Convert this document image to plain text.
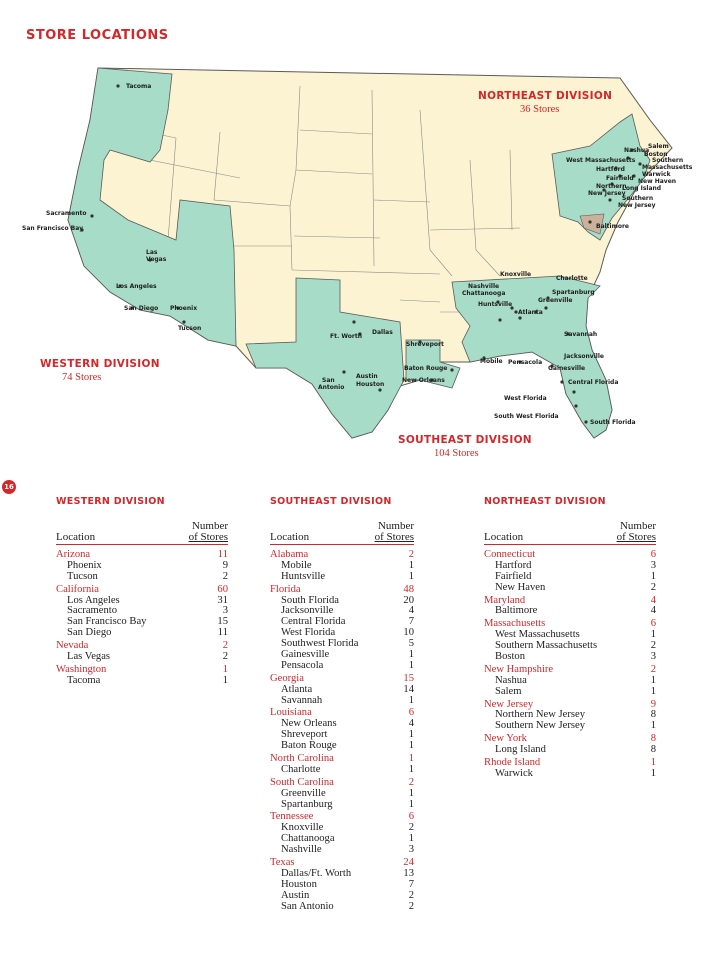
STORE LOCATIONS
Tacoma
Sacramento
San Francisco Bay
Las
Vegas
Los Angeles
San Diego Phoenix
Tucson
Ft. Worth
Dallas
Shreveport
Austin
Houston
San
Antonio
Baton Rouge
New Orleans
Mobile Pensacola
Gainesville
Jacksonville
Savannah
Central Florida
West Florida
South West Florida
South Florida
Knoxville
Nashville
Chattanooga
Huntsville
Atlanta
Charlotte
Spartanburg
Greenville
Baltimore
Salem
Nashua
Boston
West Massachusetts	Southern
Massachusetts
Hartford
Warwick
Fairfield New Haven
Northern
New Jersey
Long Island
Southern
New Jersey
NORTHEAST DIVISION
36 Stores
WESTERN DIVISION
74 Stores
SOUTHEAST DIVISION
104 Stores
16
WESTERN DIVISION
Location
Number
of Stores
Arizona	11
Phoenix	9
Tucson	2
California	60
Los Angeles	31
Sacramento	3
San Francisco Bay	15
San Diego	11
Nevada	2
Las Vegas	2
Washington	1
Tacoma	1
SOUTHEAST DIVISION
Location
Number
of Stores
Alabama	2
Mobile	1
Huntsville	1
Florida	48
South Florida	20
Jacksonville	4
Central Florida	7
West Florida	10
Southwest Florida	5
Gainesville	1
Pensacola	1
Georgia	15
Atlanta	14
Savannah	1
Louisiana	6
New Orleans	4
Shreveport	1
Baton Rouge	1
North Carolina	1
Charlotte	1
South Carolina	2
Greenville	1
Spartanburg	1
Tennessee	6
Knoxville	2
Chattanooga	1
Nashville	3
Texas	24
Dallas/Ft. Worth	13
Houston	7
Austin	2
San Antonio	2
NORTHEAST DIVISION
Location
Number
of Stores
Connecticut	6
Hartford	3
Fairfield	1
New Haven	2
Maryland	4
Baltimore	4
Massachusetts	6
West Massachusetts	1
Southern Massachusetts	2
Boston	3
New Hampshire	2
Nashua	1
Salem	1
New Jersey	9
Northern New Jersey	8
Southern New Jersey	1
New York	8
Long Island	8
Rhode Island	1
Warwick	1
